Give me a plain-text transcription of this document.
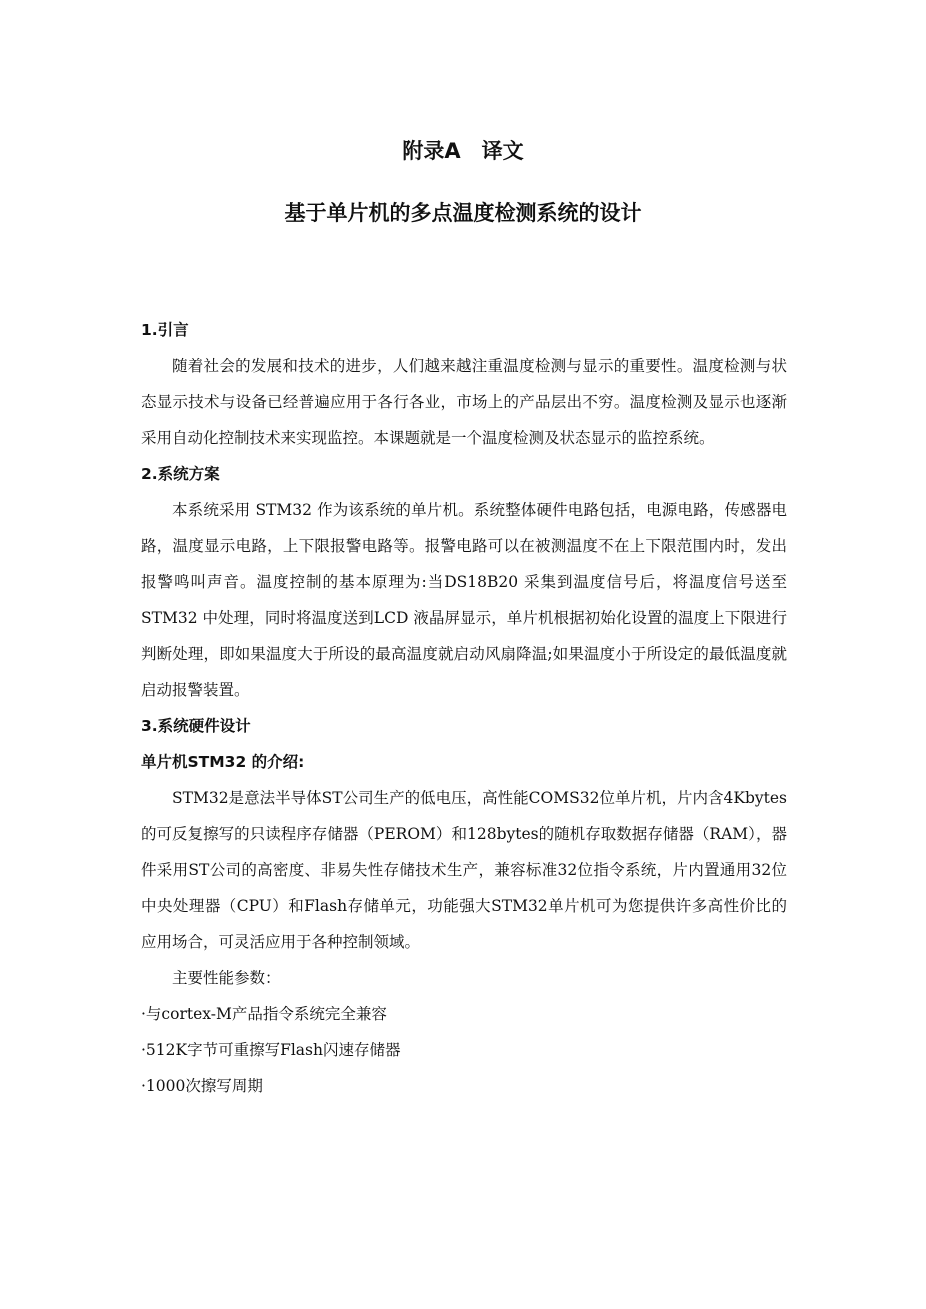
附录A　译文
基于单片机的多点温度检测系统的设计

1.引言

随着社会的发展和技术的进步，人们越来越注重温度检测与显示的重要性。温度检测与状态显示技术与设备已经普遍应用于各行各业，市场上的产品层出不穷。温度检测及显示也逐渐采用自动化控制技术来实现监控。本课题就是一个温度检测及状态显示的监控系统。

2.系统方案

本系统采用 STM32 作为该系统的单片机。系统整体硬件电路包括，电源电路，传感器电路，温度显示电路，上下限报警电路等。报警电路可以在被测温度不在上下限范围内时，发出报警鸣叫声音。温度控制的基本原理为:当DS18B20 采集到温度信号后，将温度信号送至STM32 中处理，同时将温度送到LCD 液晶屏显示，单片机根据初始化设置的温度上下限进行判断处理，即如果温度大于所设的最高温度就启动风扇降温;如果温度小于所设定的最低温度就启动报警装置。

3.系统硬件设计

单片机STM32 的介绍:

STM32是意法半导体ST公司生产的低电压，高性能COMS32位单片机，片内含4Kbytes的可反复擦写的只读程序存储器（PEROM）和128bytes的随机存取数据存储器（RAM），器件采用ST公司的高密度、非易失性存储技术生产，兼容标准32位指令系统，片内置通用32位中央处理器（CPU）和Flash存储单元，功能强大STM32单片机可为您提供许多高性价比的应用场合，可灵活应用于各种控制领域。

主要性能参数：

·与cortex-M产品指令系统完全兼容

·512K字节可重擦写Flash闪速存储器

·1000次擦写周期
